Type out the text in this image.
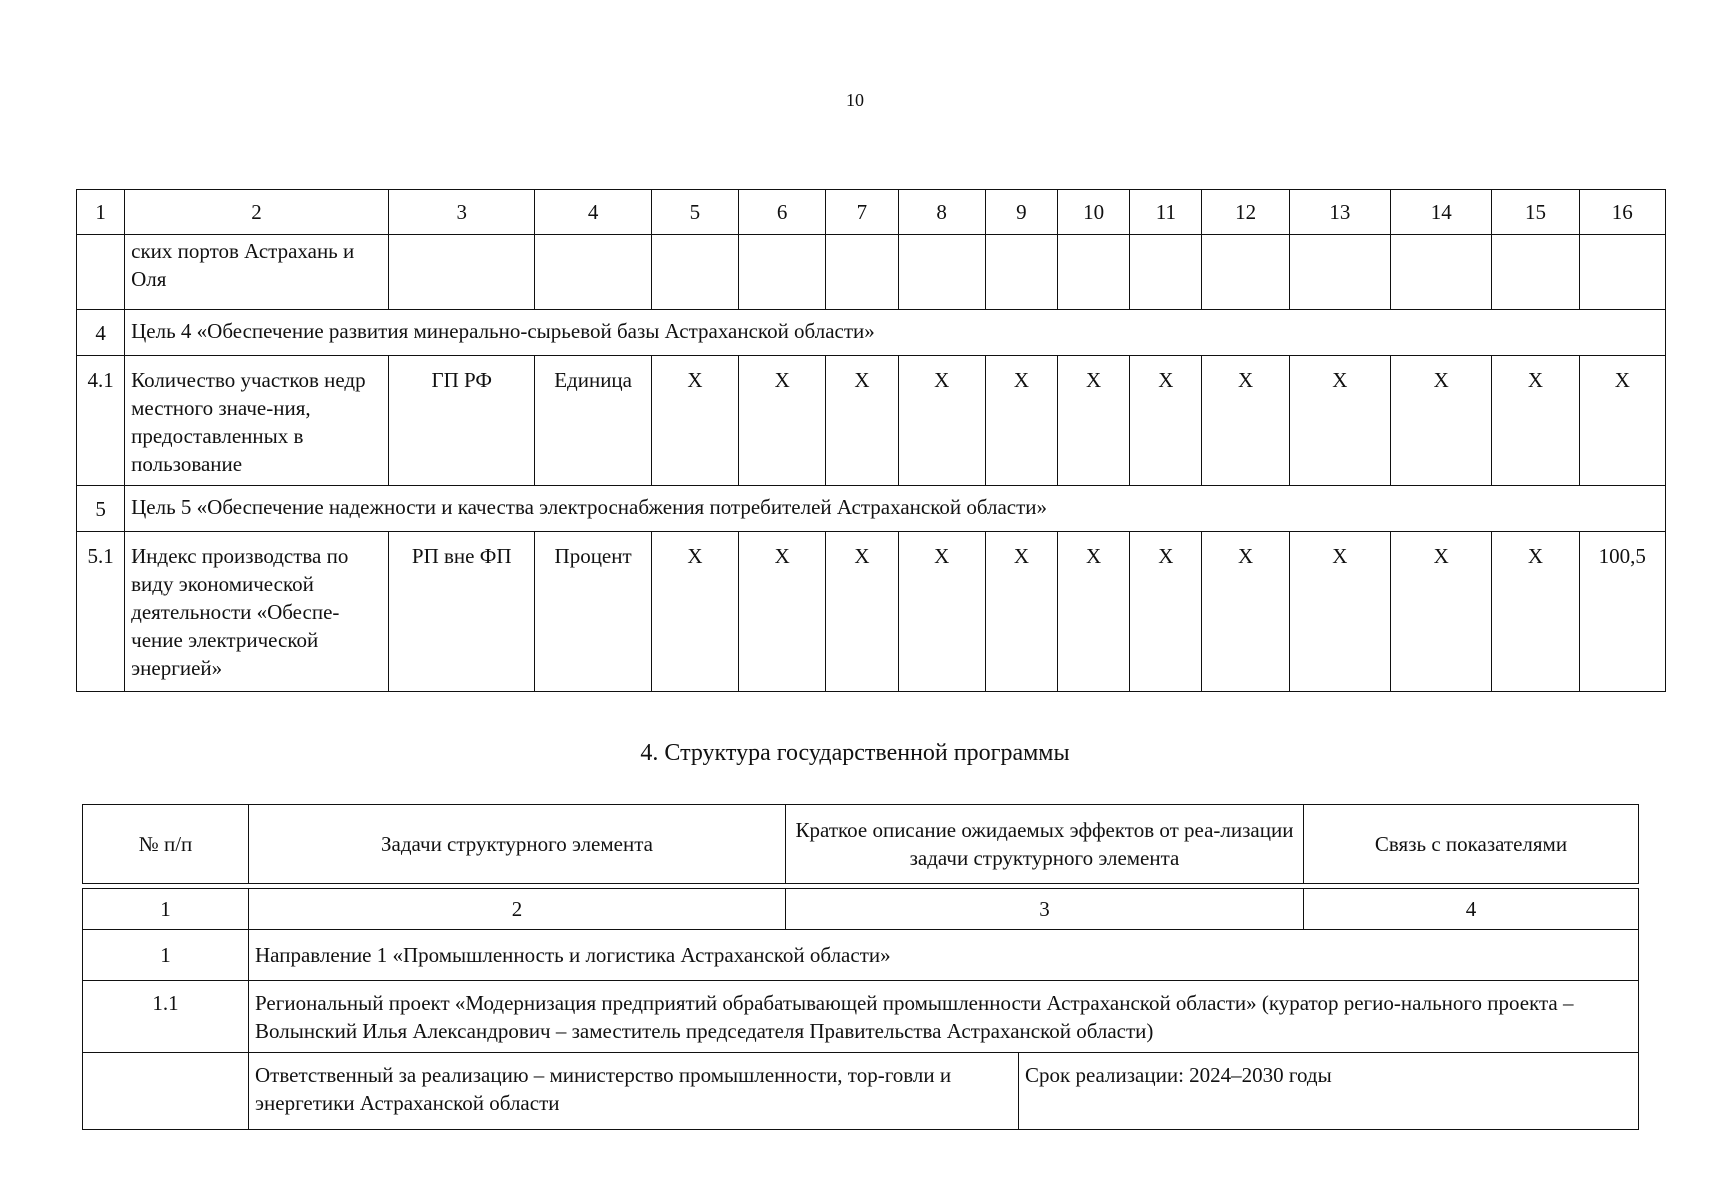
10
1	2	3	4	5	6	7	8	9	10	11	12	13	14	15	16
	ских портов Астрахань и Оля														
4	Цель 4 «Обеспечение развития минерально-сырьевой базы Астраханской области»														
4.1	Количество участков недр местного значе-ния, предоставленных в пользование	ГП РФ	Единица	X	X	X	X	X	X	X	X	X	X	X	X
5	Цель 5 «Обеспечение надежности и качества электроснабжения потребителей Астраханской области»														
5.1	Индекс производства по виду экономической деятельности «Обеспе-чение электрической энергией»	РП вне ФП	Процент	X	X	X	X	X	X	X	X	X	X	X	100,5
4. Структура государственной программы
№ п/п	Задачи структурного элемента	Краткое описание ожидаемых эффектов от реа-лизации задачи структурного элемента		Связь с показателями

1	2	3		4
1	Направление 1 «Промышленность и логистика Астраханской области»			
1.1	Региональный проект «Модернизация предприятий обрабатывающей промышленности Астраханской области» (куратор регио-нального проекта – Волынский Илья Александрович – заместитель председателя Правительства Астраханской области)			
	Ответственный за реализацию – министерство промышленности, тор-говли и энергетики Астраханской области		Срок реализации: 2024–2030 годы	
